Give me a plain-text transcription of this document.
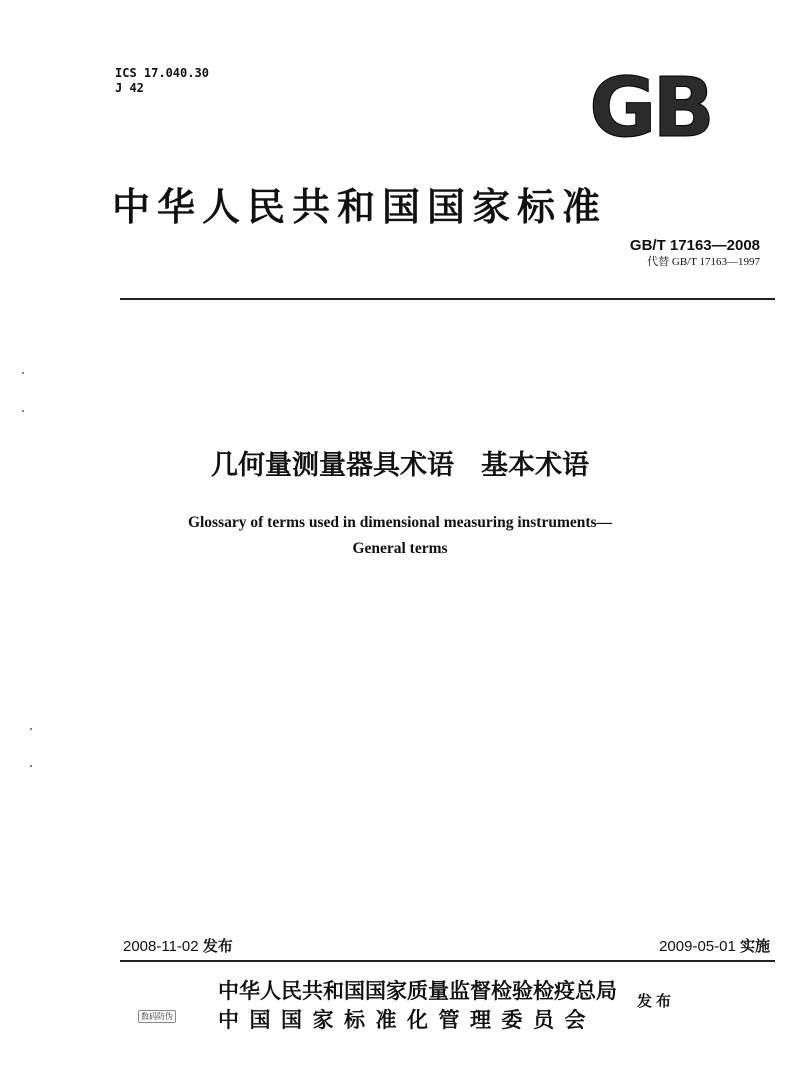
ICS 17.040.30
J 42	GB
中华人民共和国国家标准
GB/T 17163—2008
代替 GB/T 17163—1997
几何量测量器具术语　基本术语
Glossary of terms used in dimensional measuring instruments—
General terms
2008-11-02 发布	2009-05-01 实施
中华人民共和国国家质量监督检验检疫总局
中国国家标准化管理委员会
发布
数码防伪
